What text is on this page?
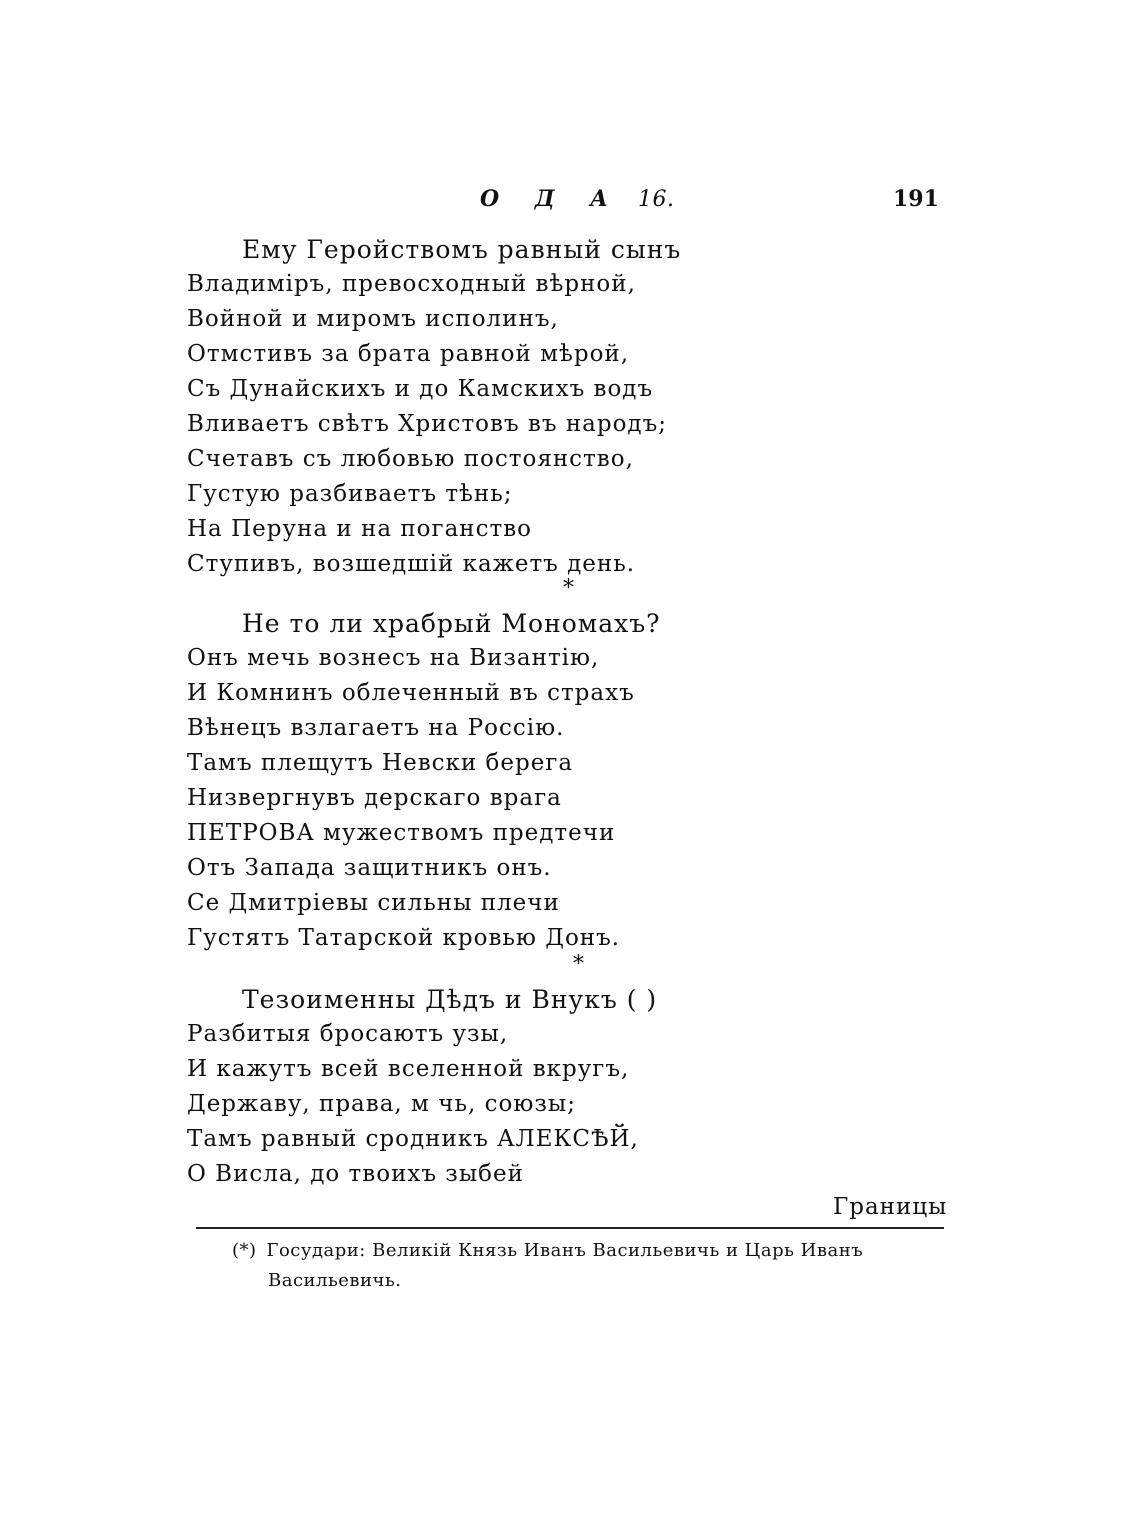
О Д А 16.	191
Ему Геройствомъ равный сынъ
Владиміръ, превосходный вѣрной,
Войной и миромъ исполинъ,
Отмстивъ за брата равной мѣрой,
Съ Дунайскихъ и до Камскихъ водъ
Вливаетъ свѣтъ Христовъ въ народъ;
Счетавъ съ любовью постоянство,
Густую разбиваетъ тѣнь;
На Перуна и на поганство
Ступивъ, возшедшій кажетъ день.
*
Не то ли храбрый Мономахъ?
Онъ мечь вознесъ на Византію,
И Комнинъ облеченный въ страхъ
Вѣнецъ взлагаетъ на Россію.
Тамъ плещутъ Невски берега
Низвергнувъ дерскаго врага
ПЕТРОВА мужествомъ предтечи
Отъ Запада защитникъ онъ.
Се Дмитріевы сильны плечи
Густятъ Татарской кровью Донъ.
*
Тезоименны Дѣдъ и Внукъ ( )
Разбитыя бросаютъ узы,
И кажутъ всей вселенной вкругъ,
Державу, права, м чь, союзы;
Тамъ равный сродникъ АЛЕКСѢЙ,
О Висла, до твоихъ зыбей
Границы
(*) Государи: Великій Князь Иванъ Васильевичь и Царь Иванъ
Васильевичь.
